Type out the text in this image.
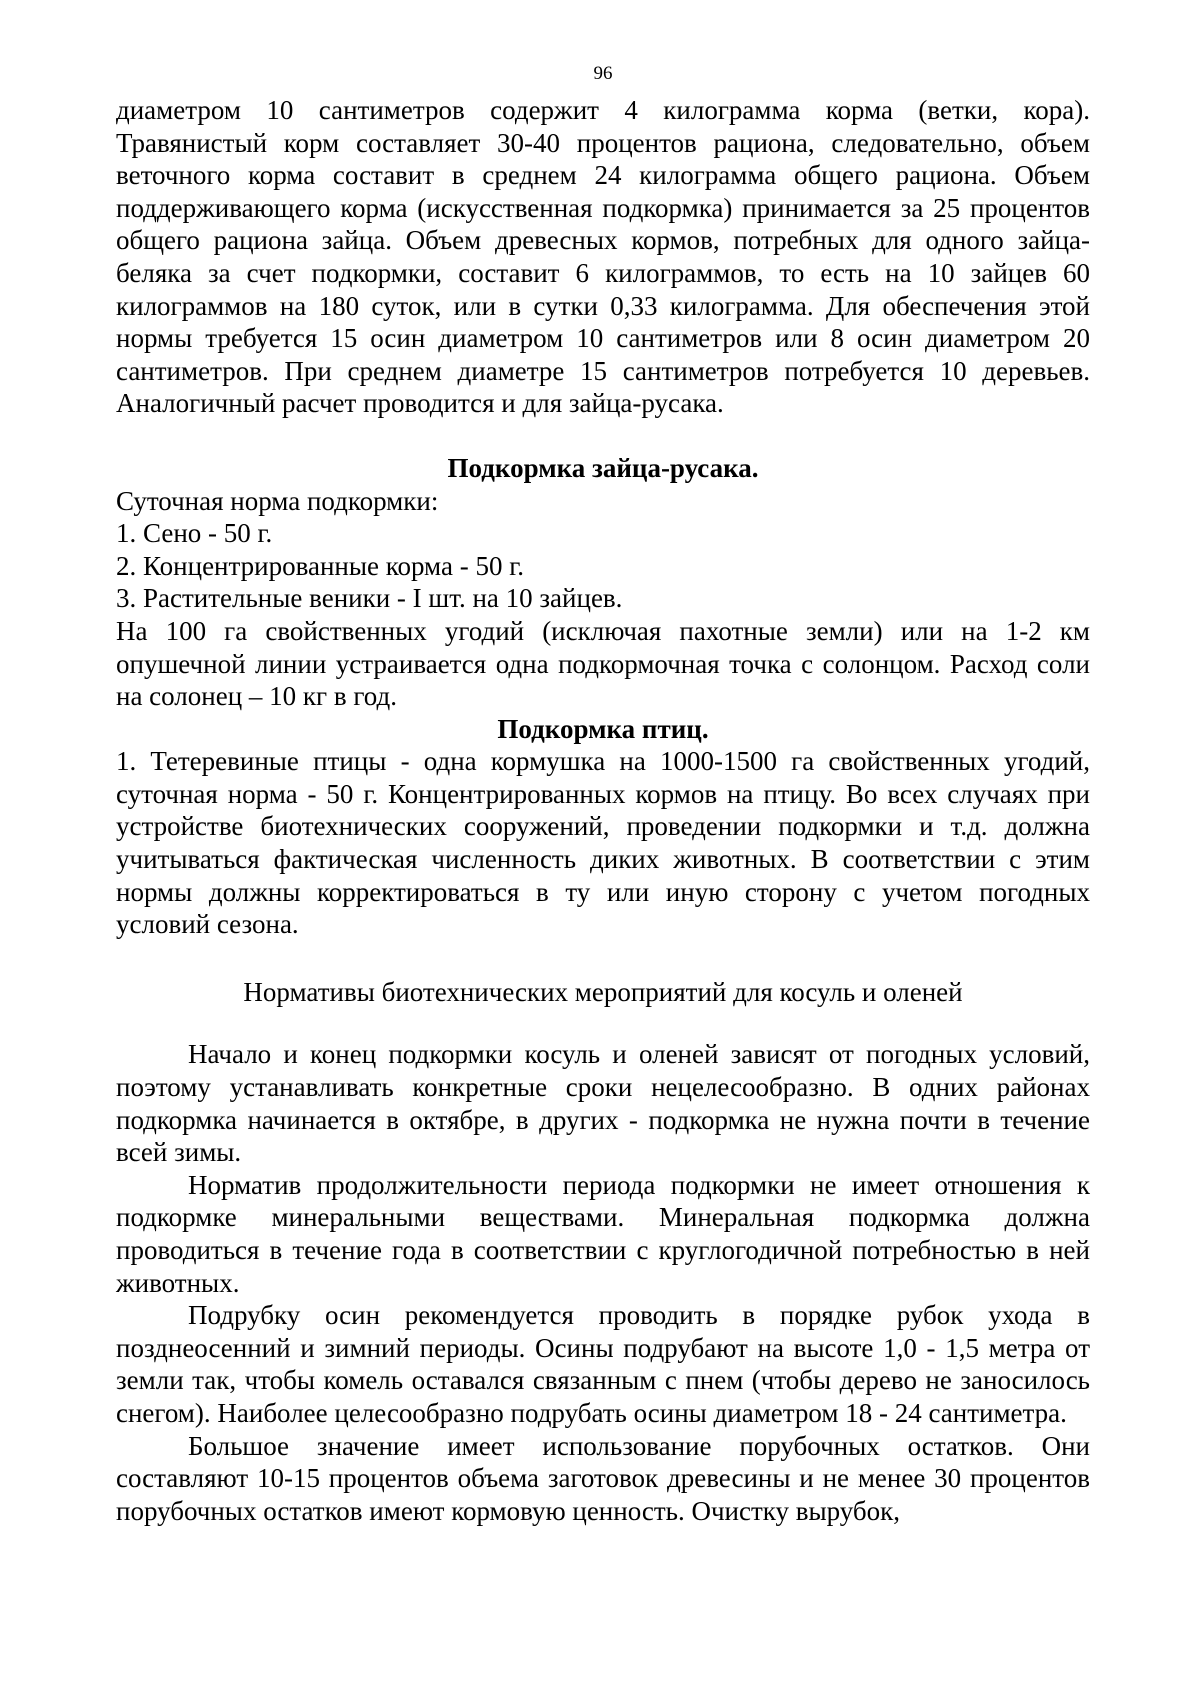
96

диаметром 10 сантиметров содержит 4 килограмма корма (ветки, кора). Травянистый корм составляет 30-40 процентов рациона, следовательно, объем веточного корма составит в среднем 24 килограмма общего рациона. Объем поддерживающего корма (искусственная подкормка) принимается за 25 процентов общего рациона зайца. Объем древесных кормов, потребных для одного зайца-беляка за счет подкормки, составит 6 килограммов, то есть на 10 зайцев 60 килограммов на 180 суток, или в сутки 0,33 килограмма. Для обеспечения этой нормы требуется 15 осин диаметром 10 сантиметров или 8 осин диаметром 20 сантиметров. При среднем диаметре 15 сантиметров потребуется 10 деревьев. Аналогичный расчет проводится и для зайца-русака.

Подкормка зайца-русака.

Суточная норма подкормки:

1. Сено - 50 г.

2. Концентрированные корма - 50 г.

3. Растительные веники - I шт. на 10 зайцев.

На 100 га свойственных угодий (исключая пахотные земли) или на 1-2 км опушечной линии устраивается одна подкормочная точка с солонцом. Расход соли на солонец – 10 кг в год.

Подкормка птиц.

1. Тетеревиные птицы - одна кормушка на 1000-1500 га свойственных угодий, суточная норма - 50 г. Концентрированных кормов на птицу. Во всех случаях при устройстве биотехнических сооружений, проведении подкормки и т.д. должна учитываться фактическая численность диких животных. В соответствии с этим нормы должны корректироваться в ту или иную сторону с учетом погодных условий сезона.

Нормативы биотехнических мероприятий для косуль и оленей

Начало и конец подкормки косуль и оленей зависят от погодных условий, поэтому устанавливать конкретные сроки нецелесообразно. В одних районах подкормка начинается в октябре, в других - подкормка не нужна почти в течение всей зимы.

Норматив продолжительности периода подкормки не имеет отношения к подкормке минеральными веществами. Минеральная подкормка должна проводиться в течение года в соответствии с круглогодичной потребностью в ней животных.

Подрубку осин рекомендуется проводить в порядке рубок ухода в позднеосенний и зимний периоды. Осины подрубают на высоте 1,0 - 1,5 метра от земли так, чтобы комель оставался связанным с пнем (чтобы дерево не заносилось снегом). Наиболее целесообразно подрубать осины диаметром 18 - 24 сантиметра.

Большое значение имеет использование порубочных остатков. Они составляют 10-15 процентов объема заготовок древесины и не менее 30 процентов порубочных остатков имеют кормовую ценность. Очистку вырубок,
